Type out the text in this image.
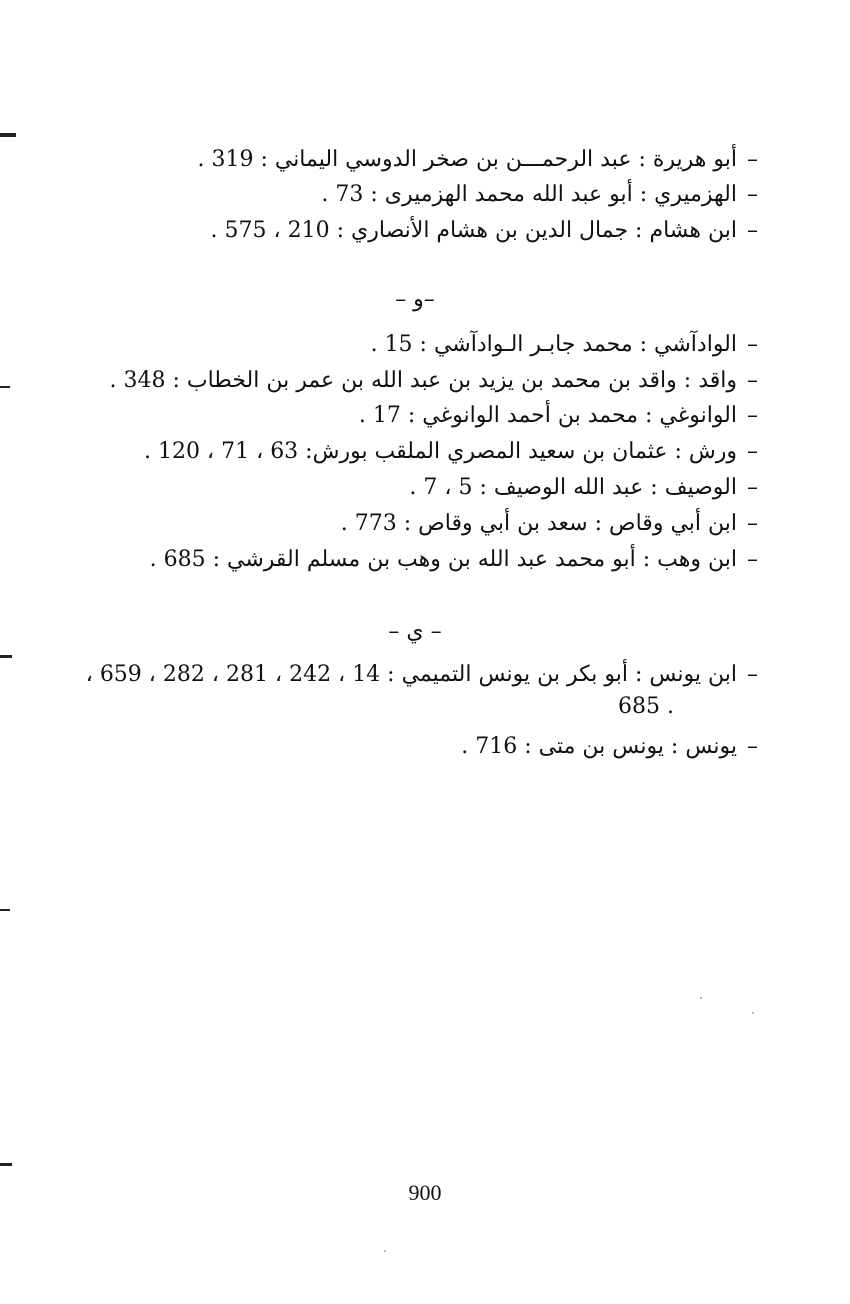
–أبو هريرة : عبد الرحمـــن بن صخر الدوسي اليماني : 319 .
–الهزميري : أبو عبد الله محمد الهزميرى : 73 .
–ابن هشام : جمال الدين بن هشام الأنصاري : 210 ، 575 .
–و –
–الوادآشي : محمد جابـر الـوادآشي : 15 .
–واقد : واقد بن محمد بن يزيد بن عبد الله بن عمر بن الخطاب : 348 .
–الوانوغي : محمد بن أحمد الوانوغي : 17 .
–ورش : عثمان بن سعيد المصري الملقب بورش: 63 ، 71 ، 120 .
–الوصيف : عبد الله الوصيف : 5 ، 7 .
–ابن أبي وقاص : سعد بن أبي وقاص : 773 .
–ابن وهب : أبو محمد عبد الله بن وهب بن مسلم القرشي : 685 .
– ي –
–ابن يونس : أبو بكر بن يونس التميمي : 14 ، 242 ، 281 ، 282 ، 659 ،
685 .
–يونس : يونس بن متى : 716 .
900
